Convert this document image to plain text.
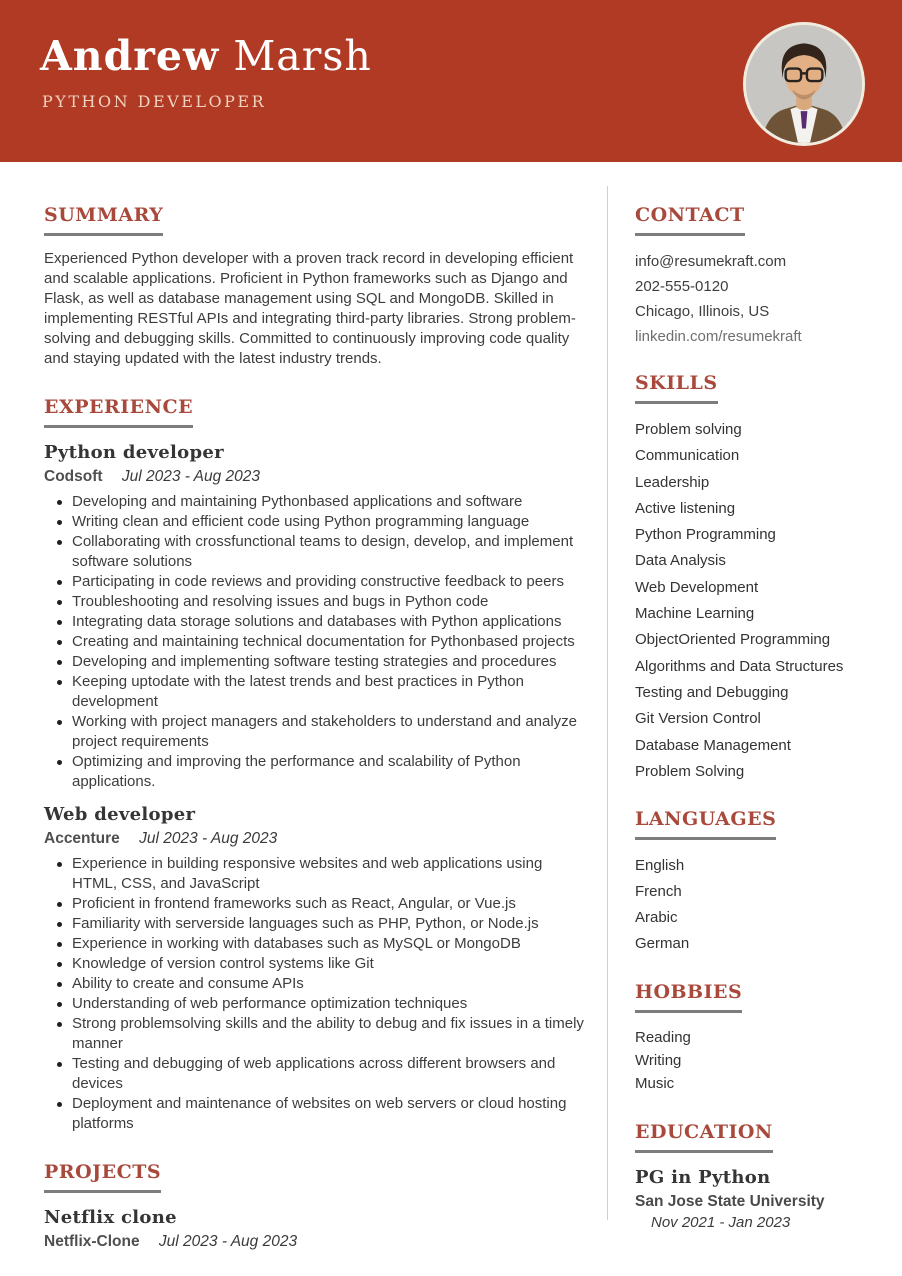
Andrew Marsh
PYTHON DEVELOPER
SUMMARY

Experienced Python developer with a proven track record in developing efficient and scalable applications. Proficient in Python frameworks such as Django and Flask, as well as database management using SQL and MongoDB. Skilled in implementing RESTful APIs and integrating third-party libraries. Strong problem-solving and debugging skills. Committed to continuously improving code quality and staying updated with the latest industry trends.

EXPERIENCE
Python developer
Codsoft Jul 2023 - Aug 2023
Developing and maintaining Pythonbased applications and software
Writing clean and efficient code using Python programming language
Collaborating with crossfunctional teams to design, develop, and implement software solutions
Participating in code reviews and providing constructive feedback to peers
Troubleshooting and resolving issues and bugs in Python code
Integrating data storage solutions and databases with Python applications
Creating and maintaining technical documentation for Pythonbased projects
Developing and implementing software testing strategies and procedures
Keeping uptodate with the latest trends and best practices in Python development
Working with project managers and stakeholders to understand and analyze project requirements
Optimizing and improving the performance and scalability of Python applications.
Web developer
Accenture Jul 2023 - Aug 2023
Experience in building responsive websites and web applications using HTML, CSS, and JavaScript
Proficient in frontend frameworks such as React, Angular, or Vue.js
Familiarity with serverside languages such as PHP, Python, or Node.js
Experience in working with databases such as MySQL or MongoDB
Knowledge of version control systems like Git
Ability to create and consume APIs
Understanding of web performance optimization techniques
Strong problemsolving skills and the ability to debug and fix issues in a timely manner
Testing and debugging of web applications across different browsers and devices
Deployment and maintenance of websites on web servers or cloud hosting platforms
PROJECTS
Netflix clone
Netflix-Clone Jul 2023 - Aug 2023
CONTACT
info@resumekraft.com
202-555-0120
Chicago, Illinois, US
linkedin.com/resumekraft
SKILLS
Problem solving
Communication
Leadership
Active listening
Python Programming
Data Analysis
Web Development
Machine Learning
ObjectOriented Programming
Algorithms and Data Structures
Testing and Debugging
Git Version Control
Database Management
Problem Solving
LANGUAGES
English
French
Arabic
German
HOBBIES
Reading
Writing
Music
EDUCATION
PG in Python
San Jose State University
Nov 2021 - Jan 2023
